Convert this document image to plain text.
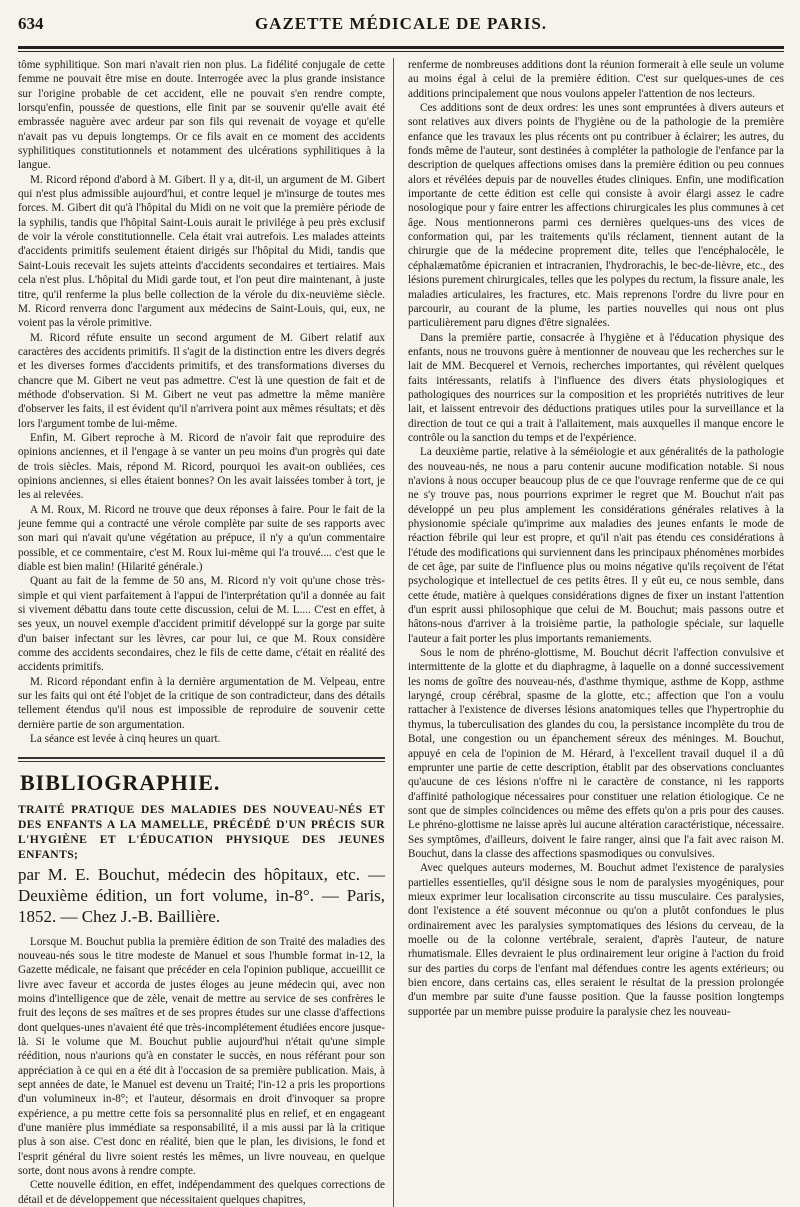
634	GAZETTE MÉDICALE DE PARIS.

tôme syphilitique. Son mari n'avait rien non plus. La fidélité conjugale de cette femme ne pouvait être mise en doute. Interrogée avec la plus grande insistance sur l'origine probable de cet accident, elle ne pouvait s'en rendre compte, lorsqu'enfin, poussée de questions, elle finit par se souvenir qu'elle avait été embrassée naguère avec ardeur par son fils qui revenait de voyage et qu'elle n'avait pas vu depuis longtemps. Or ce fils avait en ce moment des accidents syphilitiques constitutionnels et notamment des ulcérations syphilitiques à la langue.

M. Ricord répond d'abord à M. Gibert. Il y a, dit-il, un argument de M. Gibert qui n'est plus admissible aujourd'hui, et contre lequel je m'insurge de toutes mes forces. M. Gibert dit qu'à l'hôpital du Midi on ne voit que la première période de la syphilis, tandis que l'hôpital Saint-Louis aurait le privilége à peu près exclusif de voir la vérole constitutionnelle. Cela était vrai autrefois. Les malades atteints d'accidents primitifs seulement étaient dirigés sur l'hôpital du Midi, tandis que Saint-Louis recevait les sujets atteints d'accidents secondaires et tertiaires. Mais cela n'est plus. L'hôpital du Midi garde tout, et l'on peut dire maintenant, à juste titre, qu'il renferme la plus belle collection de la vérole du dix-neuvième siècle. M. Ricord renverra donc l'argument aux médecins de Saint-Louis, qui, eux, ne voient pas la vérole primitive.

M. Ricord réfute ensuite un second argument de M. Gibert relatif aux caractères des accidents primitifs. Il s'agit de la distinction entre les divers degrés et les diverses formes d'accidents primitifs, et des transformations diverses du chancre que M. Gibert ne veut pas admettre. C'est là une question de fait et de méthode d'observation. Si M. Gibert ne veut pas admettre la même manière d'observer les faits, il est évident qu'il n'arrivera point aux mêmes résultats; et dès lors l'argument tombe de lui-même.

Enfin, M. Gibert reproche à M. Ricord de n'avoir fait que reproduire des opinions anciennes, et il l'engage à se vanter un peu moins d'un progrès qui date de trois siècles. Mais, répond M. Ricord, pourquoi les avait-on oubliées, ces opinions anciennes, si elles étaient bonnes? On les avait laissées tomber à tort, je les ai relevées.

A M. Roux, M. Ricord ne trouve que deux réponses à faire. Pour le fait de la jeune femme qui a contracté une vérole complète par suite de ses rapports avec son mari qui n'avait qu'une végétation au prépuce, il n'y a qu'un commentaire possible, et ce commentaire, c'est M. Roux lui-même qui l'a trouvé.... c'est que le diable est bien malin! (Hilarité générale.)

Quant au fait de la femme de 50 ans, M. Ricord n'y voit qu'une chose très-simple et qui vient parfaitement à l'appui de l'interprétation qu'il a donnée au fait si vivement débattu dans toute cette discussion, celui de M. L.... C'est en effet, à ses yeux, un nouvel exemple d'accident primitif développé sur la gorge par suite d'un baiser infectant sur les lèvres, car pour lui, ce que M. Roux considère comme des accidents secondaires, chez le fils de cette dame, c'était en réalité des accidents primitifs.

M. Ricord répondant enfin à la dernière argumentation de M. Velpeau, entre sur les faits qui ont été l'objet de la critique de son contradicteur, dans des détails tellement étendus qu'il nous est impossible de reproduire de souvenir cette dernière partie de son argumentation.

La séance est levée à cinq heures un quart.

BIBLIOGRAPHIE.
TRAITÉ PRATIQUE DES MALADIES DES NOUVEAU-NÉS ET DES ENFANTS A LA MAMELLE, PRÉCÉDÉ D'UN PRÉCIS SUR L'HYGIÈNE ET L'ÉDUCATION PHYSIQUE DES JEUNES ENFANTS;
par M. E. Bouchut, médecin des hôpitaux, etc. — Deuxième édition, un fort volume, in-8°. — Paris, 1852. — Chez J.-B. Baillière.

Lorsque M. Bouchut publia la première édition de son Traité des maladies des nouveau-nés sous le titre modeste de Manuel et sous l'humble format in-12, la Gazette médicale, ne faisant que précéder en cela l'opinion publique, accueillit ce livre avec faveur et accorda de justes éloges au jeune médecin qui, avec non moins d'intelligence que de zèle, venait de mettre au service de ses confrères le fruit des leçons de ses maîtres et de ses propres études sur une classe d'affections dont quelques-unes n'avaient été que très-incomplétement étudiées encore jusque-là. Si le volume que M. Bouchut publie aujourd'hui n'était qu'une simple réédition, nous n'aurions qu'à en constater le succès, en nous référant pour son appréciation à ce qui en a été dit à l'occasion de sa première publication. Mais, à sept années de date, le Manuel est devenu un Traité; l'in-12 a pris les proportions d'un volumineux in-8°; et l'auteur, désormais en droit d'invoquer sa propre expérience, a pu mettre cette fois sa personnalité plus en relief, et en engageant d'une manière plus immédiate sa responsabilité, il a mis aussi par là la critique plus à son aise. C'est donc en réalité, bien que le plan, les divisions, le fond et l'esprit général du livre soient restés les mêmes, un livre nouveau, en quelque sorte, dont nous avons à rendre compte.

Cette nouvelle édition, en effet, indépendamment des quelques corrections de détail et de développement que nécessitaient quelques chapitres,

renferme de nombreuses additions dont la réunion formerait à elle seule un volume au moins égal à celui de la première édition. C'est sur quelques-unes de ces additions principalement que nous voulons appeler l'attention de nos lecteurs.

Ces additions sont de deux ordres: les unes sont empruntées à divers auteurs et sont relatives aux divers points de l'hygiène ou de la pathologie de la première enfance que les travaux les plus récents ont pu contribuer à éclairer; les autres, du fonds même de l'auteur, sont destinées à compléter la pathologie de l'enfance par la description de quelques affections omises dans la première édition ou peu connues alors et révélées depuis par de nouvelles études cliniques. Enfin, une modification importante de cette édition est celle qui consiste à avoir élargi assez le cadre nosologique pour y faire entrer les affections chirurgicales les plus communes à cet âge. Nous mentionnerons parmi ces dernières quelques-uns des vices de conformation qui, par les traitements qu'ils réclament, tiennent autant de la chirurgie que de la médecine proprement dite, telles que l'encéphalocèle, le céphalæmatôme épicranien et intracranien, l'hydrorachis, le bec-de-lièvre, etc., des lésions purement chirurgicales, telles que les polypes du rectum, la fissure anale, les maladies articulaires, les fractures, etc. Mais reprenons l'ordre du livre pour en parcourir, au courant de la plume, les parties nouvelles qui nous ont plus particulièrement paru dignes d'être signalées.

Dans la première partie, consacrée à l'hygiène et à l'éducation physique des enfants, nous ne trouvons guère à mentionner de nouveau que les recherches sur le lait de MM. Becquerel et Vernois, recherches importantes, qui révèlent quelques faits intéressants, relatifs à l'influence des divers états physiologiques et pathologiques des nourrices sur la composition et les propriétés nutritives de leur lait, et laissent entrevoir des déductions pratiques utiles pour la surveillance et la direction de tout ce qui a trait à l'allaitement, mais auxquelles il manque encore le contrôle ou la sanction du temps et de l'expérience.

La deuxième partie, relative à la séméiologie et aux généralités de la pathologie des nouveau-nés, ne nous a paru contenir aucune modification notable. Si nous n'avions à nous occuper beaucoup plus de ce que l'ouvrage renferme que de ce qui ne s'y trouve pas, nous pourrions exprimer le regret que M. Bouchut n'ait pas développé un peu plus amplement les considérations générales relatives à la physionomie spéciale qu'imprime aux maladies des jeunes enfants le mode de réaction fébrile qui leur est propre, et qu'il n'ait pas étendu ces considérations à l'étude des modifications qui surviennent dans les principaux phénomènes morbides de cet âge, par suite de l'influence plus ou moins négative qu'ils reçoivent de l'état psychologique et intellectuel de ces petits êtres. Il y eût eu, ce nous semble, dans cette étude, matière à quelques considérations dignes de fixer un instant l'attention d'un esprit aussi philosophique que celui de M. Bouchut; mais passons outre et hâtons-nous d'arriver à la troisième partie, la pathologie spéciale, sur laquelle l'auteur a fait porter les plus importants remaniements.

Sous le nom de phréno-glottisme, M. Bouchut décrit l'affection convulsive et intermittente de la glotte et du diaphragme, à laquelle on a donné successivement les noms de goître des nouveau-nés, d'asthme thymique, asthme de Kopp, asthme laryngé, croup cérébral, spasme de la glotte, etc.; affection que l'on a voulu rattacher à l'existence de diverses lésions anatomiques telles que l'hypertrophie du thymus, la tuberculisation des glandes du cou, la persistance incomplète du trou de Botal, une congestion ou un épanchement séreux des méninges. M. Bouchut, appuyé en cela de l'opinion de M. Hérard, à l'excellent travail duquel il a dû emprunter une partie de cette description, établit par des observations concluantes qu'aucune de ces lésions n'offre ni le caractère de constance, ni les rapports d'affinité pathologique nécessaires pour constituer une relation étiologique. Ce ne sont que de simples coïncidences ou même des effets qu'on a pris pour des causes. Le phréno-glottisme ne laisse après lui aucune altération caractéristique, nécessaire. Ses symptômes, d'ailleurs, doivent le faire ranger, ainsi que l'a fait avec raison M. Bouchut, dans la classe des affections spasmodiques ou convulsives.

Avec quelques auteurs modernes, M. Bouchut admet l'existence de paralysies partielles essentielles, qu'il désigne sous le nom de paralysies myogéniques, pour mieux exprimer leur localisation circonscrite au tissu musculaire. Ces paralysies, dont l'existence a été souvent méconnue ou qu'on a plutôt confondues le plus ordinairement avec les paralysies symptomatiques des lésions du cerveau, de la moelle ou de la colonne vertébrale, seraient, d'après l'auteur, de nature rhumatismale. Elles devraient le plus ordinairement leur origine à l'action du froid sur des parties du corps de l'enfant mal défendues contre les agents extérieurs; ou bien encore, dans certains cas, elles seraient le résultat de la pression prolongée d'un membre par suite d'une fausse position. Que la fausse position longtemps supportée par un membre puisse produire la paralysie chez les nouveau-
